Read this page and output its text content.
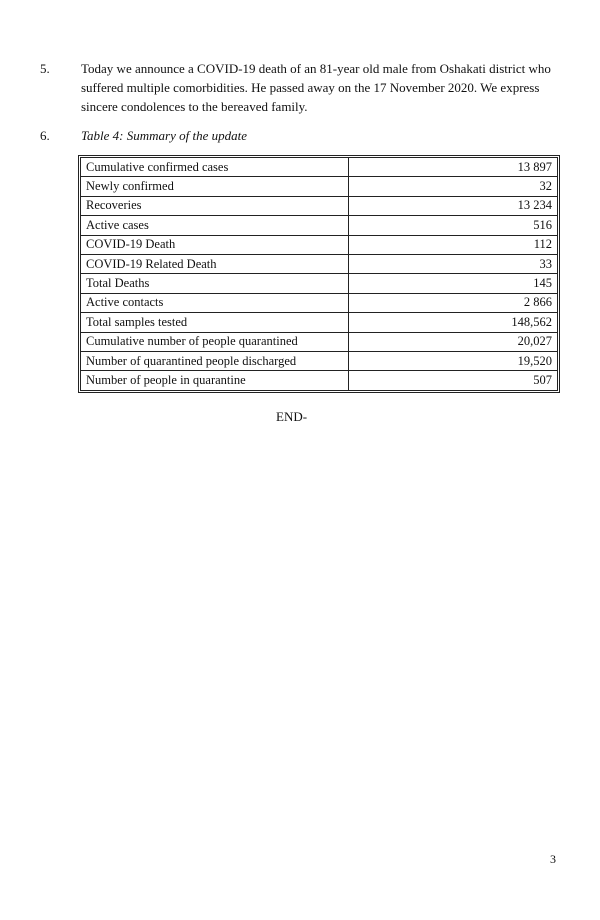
5. Today we announce a COVID-19 death of an 81-year old male from Oshakati district who suffered multiple comorbidities. He passed away on the 17 November 2020. We express sincere condolences to the bereaved family.
6. Table 4: Summary of the update
Cumulative confirmed cases	13 897
Newly confirmed	32
Recoveries	13 234
Active cases	516
COVID-19 Death	112
COVID-19 Related Death	33
Total Deaths	145
Active contacts	2 866
Total samples tested	148,562
Cumulative number of people quarantined	20,027
Number of quarantined people discharged	19,520
Number of people in quarantine	507
END-
3
